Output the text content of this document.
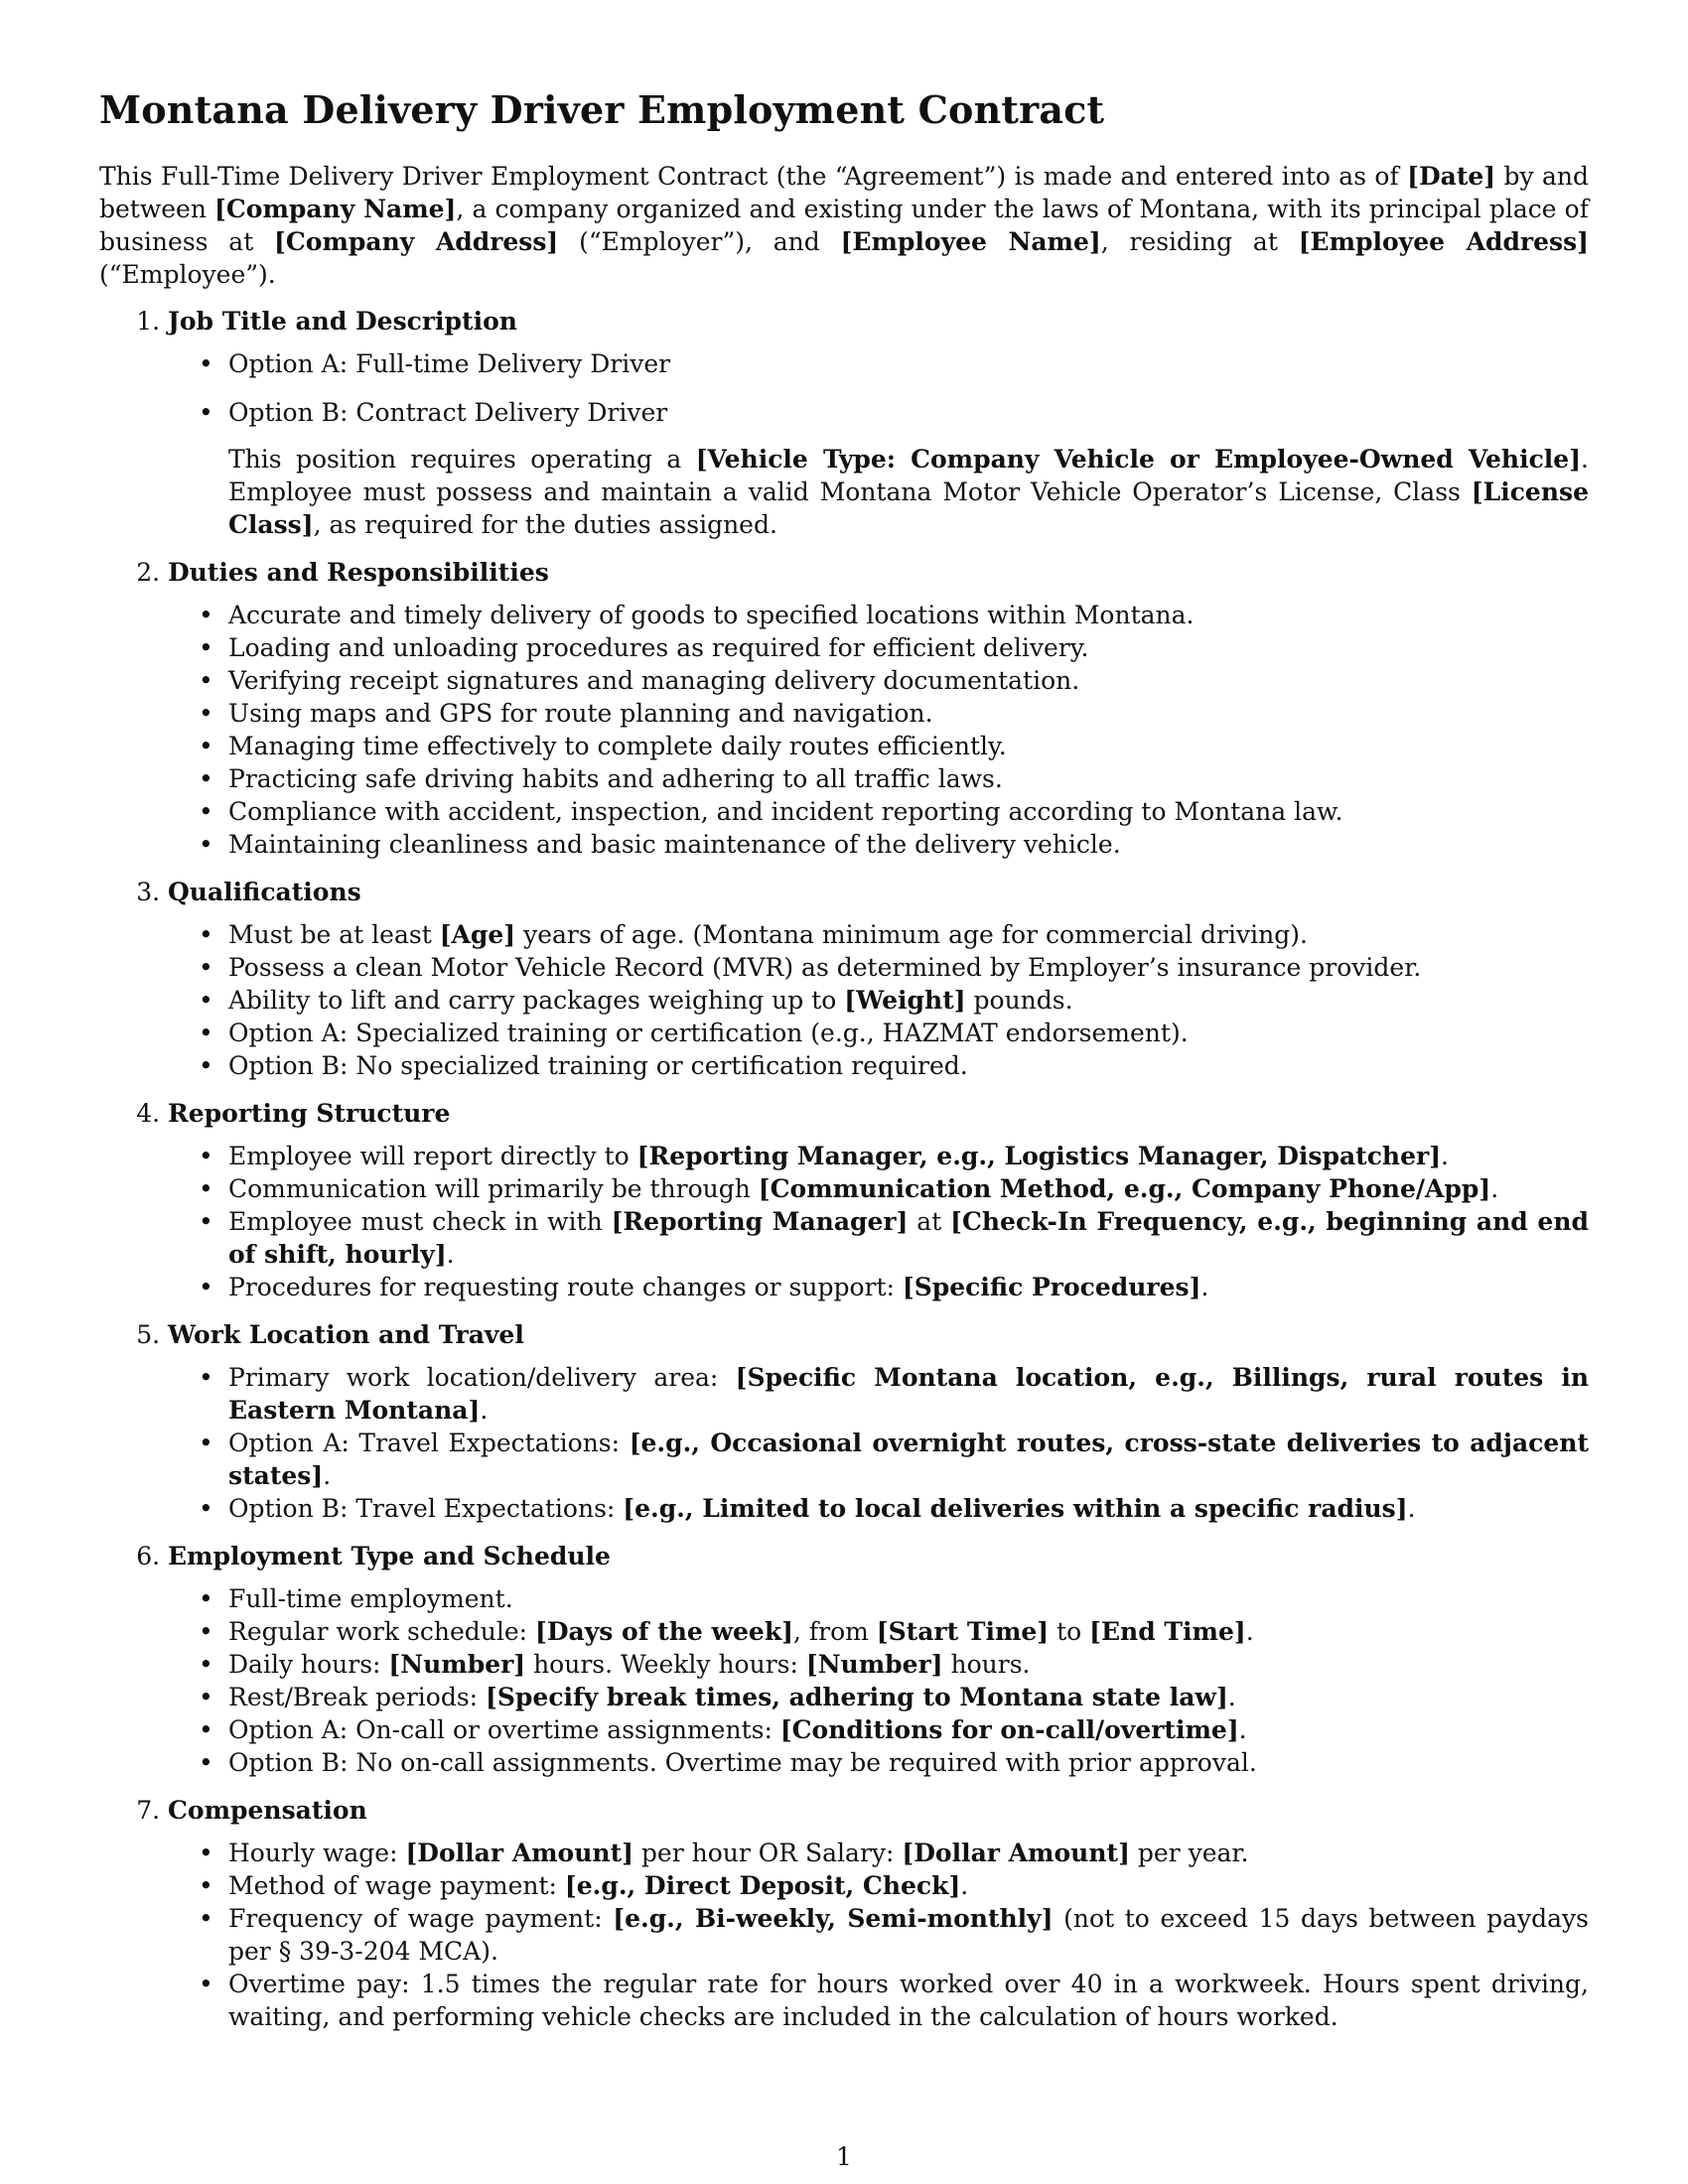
Montana Delivery Driver Employment Contract

This Full-Time Delivery Driver Employment Contract (the “Agreement”) is made and entered into as of [Date] by and between [Company Name], a company organized and existing under the laws of Montana, with its principal place of business at [Company Address] (“Employer”), and [Employee Name], residing at [Employee Address] (“Employee”).

1. Job Title and Description
• Option A: Full-time Delivery Driver
• Option B: Contract Delivery Driver

This position requires operating a [Vehicle Type: Company Vehicle or Employee-Owned Vehicle]. Employee must possess and maintain a valid Montana Motor Vehicle Operator’s License, Class [License Class], as required for the duties assigned.

2. Duties and Responsibilities
• Accurate and timely delivery of goods to specified locations within Montana.
• Loading and unloading procedures as required for efficient delivery.
• Verifying receipt signatures and managing delivery documentation.
• Using maps and GPS for route planning and navigation.
• Managing time effectively to complete daily routes efficiently.
• Practicing safe driving habits and adhering to all traffic laws.
• Compliance with accident, inspection, and incident reporting according to Montana law.
• Maintaining cleanliness and basic maintenance of the delivery vehicle.
3. Qualifications
• Must be at least [Age] years of age. (Montana minimum age for commercial driving).
• Possess a clean Motor Vehicle Record (MVR) as determined by Employer’s insurance provider.
• Ability to lift and carry packages weighing up to [Weight] pounds.
• Option A: Specialized training or certification (e.g., HAZMAT endorsement).
• Option B: No specialized training or certification required.
4. Reporting Structure
• Employee will report directly to [Reporting Manager, e.g., Logistics Manager, Dispatcher].
• Communication will primarily be through [Communication Method, e.g., Company Phone/App].
• Employee must check in with [Reporting Manager] at [Check-In Frequency, e.g., beginning and end of shift, hourly].
• Procedures for requesting route changes or support: [Specific Procedures].
5. Work Location and Travel
• Primary work location/delivery area: [Specific Montana location, e.g., Billings, rural routes in Eastern Montana].
• Option A: Travel Expectations: [e.g., Occasional overnight routes, cross-state deliveries to adjacent states].
• Option B: Travel Expectations: [e.g., Limited to local deliveries within a specific radius].
6. Employment Type and Schedule
• Full-time employment.
• Regular work schedule: [Days of the week], from [Start Time] to [End Time].
• Daily hours: [Number] hours. Weekly hours: [Number] hours.
• Rest/Break periods: [Specify break times, adhering to Montana state law].
• Option A: On-call or overtime assignments: [Conditions for on-call/overtime].
• Option B: No on-call assignments. Overtime may be required with prior approval.
7. Compensation
• Hourly wage: [Dollar Amount] per hour OR Salary: [Dollar Amount] per year.
• Method of wage payment: [e.g., Direct Deposit, Check].
• Frequency of wage payment: [e.g., Bi-weekly, Semi-monthly] (not to exceed 15 days between paydays per § 39-3-204 MCA).
• Overtime pay: 1.5 times the regular rate for hours worked over 40 in a workweek. Hours spent driving, waiting, and performing vehicle checks are included in the calculation of hours worked.
1
